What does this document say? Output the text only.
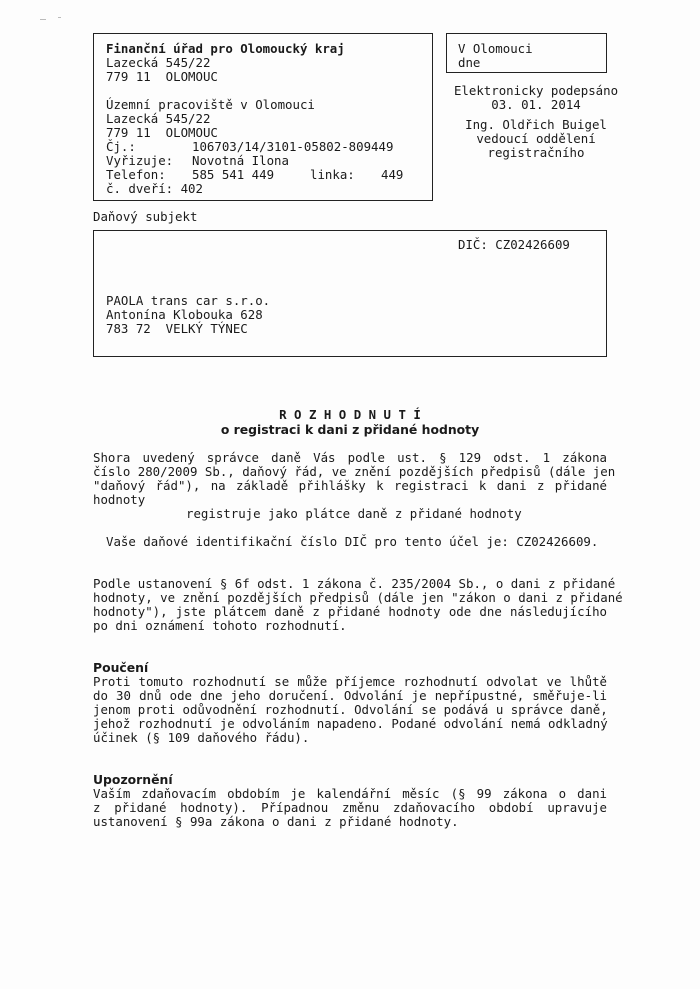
Finanční úřad pro Olomoucký kraj
Lazecká 545/22
779 11  OLOMOUC
Územní pracoviště v Olomouci
Lazecká 545/22
779 11  OLOMOUC
Čj.:	106703/14/3101-05802-809449
Vyřizuje: Novotná Ilona
Telefon: 585 541 449	linka: 449
č. dveří: 402
V Olomouci
dne
Elektronicky podepsáno
03. 01. 2014
Ing. Oldřich Buigel
vedoucí oddělení
registračního
Daňový subjekt
DIČ: CZ02426609
PAOLA trans car s.r.o.
Antonína Klobouka 628
783 72  VELKÝ TÝNEC
R O Z H O D N U T Í
o registraci k dani z přidané hodnoty
Shora uvedený správce daně Vás podle ust. § 129 odst. 1 zákona
číslo 280/2009 Sb., daňový řád, ve znění pozdějších předpisů (dále jen
"daňový řád"), na základě přihlášky k registraci k dani z přidané
hodnoty
registruje jako plátce daně z přidané hodnoty
Vaše daňové identifikační číslo DIČ pro tento účel je: CZ02426609.
Podle ustanovení § 6f odst. 1 zákona č. 235/2004 Sb., o dani z přidané
hodnoty, ve znění pozdějších předpisů (dále jen "zákon o dani z přidané
hodnoty"), jste plátcem daně z přidané hodnoty ode dne následujícího
po dni oznámení tohoto rozhodnutí.
Poučení
Proti tomuto rozhodnutí se může příjemce rozhodnutí odvolat ve lhůtě
do 30 dnů ode dne jeho doručení. Odvolání je nepřípustné, směřuje-li
jenom proti odůvodnění rozhodnutí. Odvolání se podává u správce daně,
jehož rozhodnutí je odvoláním napadeno. Podané odvolání nemá odkladný
účinek (§ 109 daňového řádu).
Upozornění
Vaším zdaňovacím obdobím je kalendářní měsíc (§ 99 zákona o dani
z přidané hodnoty). Případnou změnu zdaňovacího období upravuje
ustanovení § 99a zákona o dani z přidané hodnoty.
